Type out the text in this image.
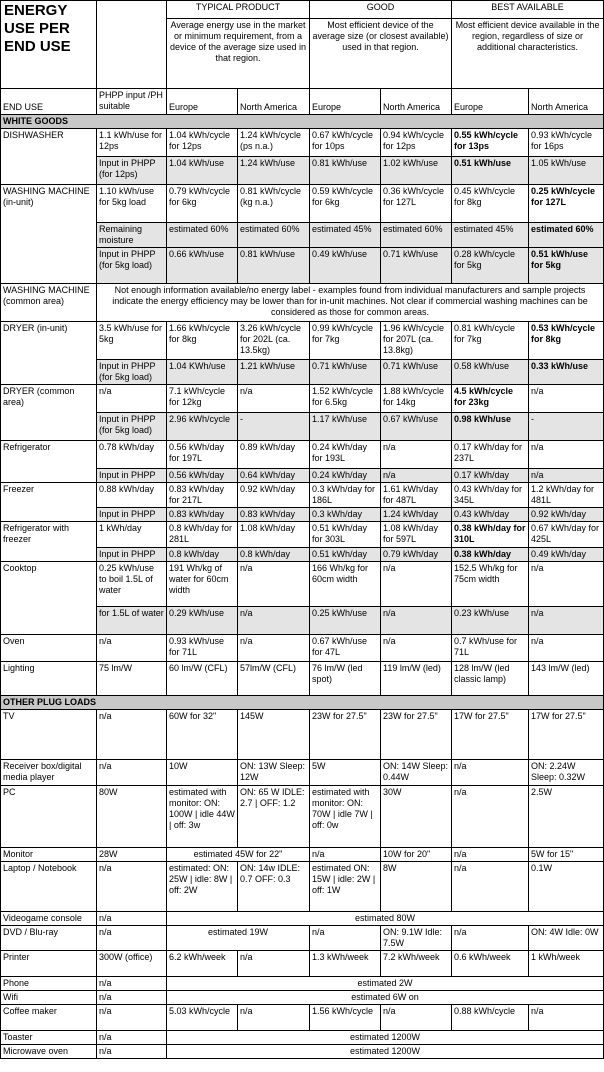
ENERGY USE PER END USE		TYPICAL PRODUCT		GOOD		BEST AVAILABLE	
		Average energy use in the market or minimum requirement, from a device of the average size used in that region.		Most efficient device of the average size (or closest available) used in that region.		Most efficient device available in the region, regardless of size or additional characteristics.	
END USE	PHPP input /PH suitable	Europe	North America	Europe	North America	Europe	North America
WHITE GOODS							
DISHWASHER	1.1 kWh/use for 12ps	1.04 kWh/cycle for 12ps	1.24 kWh/cycle (ps n.a.)	0.67 kWh/cycle for 10ps	0.94 kWh/cycle for 12ps	0.55 kWh/cycle for 13ps	0.93 kWh/cycle for 16ps
	Input in PHPP (for 12ps)	1.04 kWh/use	1.24 kWh/use	0.81 kWh/use	1.02 kWh/use	0.51 kWh/use	1.05 kWh/use
WASHING MACHINE (in-unit)	1.10 kWh/use for 5kg load	0.79 kWh/cycle for 6kg	0.81 kWh/cycle (kg n.a.)	0.59 kWh/cycle for 6kg	0.36 kWh/cycle for 127L	0.45 kWh/cycle for 8kg	0.25 kWh/cycle for 127L
	Remaining moisture	estimated 60%	estimated 60%	estimated 45%	estimated 60%	estimated 45%	estimated 60%
	Input in PHPP (for 5kg load)	0.66 kWh/use	0.81 kWh/use	0.49 kWh/use	0.71 kWh/use	0.28 kWh/cycle for 5kg	0.51 kWh/use for 5kg
WASHING MACHINE (common area)	Not enough information available/no energy label - examples found from individual manufacturers and sample projects indicate the energy efficiency may be lower than for in-unit machines. Not clear if commercial washing machines can be considered as those for common areas.						
DRYER (in-unit)	3.5 kWh/use for 5kg	1.66 kWh/cycle for 8kg	3.26 kWh/cycle for 202L (ca. 13.5kg)	0.99 kWh/cycle for 7kg	1.96 kWh/cycle for 207L (ca. 13.8kg)	0.81 kWh/cycle for 7kg	0.53 kWh/cycle for 8kg
	Input in PHPP (for 5kg load)	1.04 KWh/use	1.21 kWh/use	0.71 kWh/use	0.71 kWh/use	0.58 kWh/use	0.33 kWh/use
DRYER (common area)	n/a	7.1 kWh/cycle for 12kg	n/a	1.52 kWh/cycle for 6.5kg	1.88 kWh/cycle for 14kg	4.5 kWh/cycle for 23kg	n/a
	Input in PHPP (for 5kg load)	2.96 kWh/cycle	-	1.17 kWh/use	0.67 kWh/use	0.98 kWh/use	-
Refrigerator	0.78 kWh/day	0.56 kWh/day for 197L	0.89 kWh/day	0.24 kWh/day for 193L	n/a	0.17 kWh/day for 237L	n/a
	Input in PHPP	0.56 kWh/day	0.64 kWh/day	0.24 kWh/day	n/a	0.17 kWh/day	n/a
Freezer	0.88 kWh/day	0.83 kWh/day for 217L	0.92 kWh/day	0.3 kWh/day for 186L	1.61 kWh/day for 487L	0.43 kWh/day for 345L	1.2 kWh/day for 481L
	Input in PHPP	0.83 kWh/day	0.83 kWh/day	0.3 kWh/day	1.24 kWh/day	0.43 kWh/day	0.92 kWh/day
Refrigerator with freezer	1 kWh/day	0.8 kWh/day for 281L	1.08 kWh/day	0.51 kWh/day for 303L	1.08 kWh/day for 597L	0.38 kWh/day for 310L	0.67 kWh/day for 425L
	Input in PHPP	0.8 kWh/day	0.8 kWh/day	0.51 kWh/day	0.79 kWh/day	0.38 kWh/day	0.49 kWh/day
Cooktop	0.25 kWh/use to boil 1.5L of water	191 Wh/kg of water for 60cm width	n/a	166 Wh/kg for 60cm width	n/a	152.5 Wh/kg for 75cm width	n/a
	for 1.5L of water	0.29 kWh/use	n/a	0.25 kWh/use	n/a	0.23 kWh/use	n/a
Oven	n/a	0.93 kWh/use for 71L	n/a	0.67 kWh/use for 47L	n/a	0.7 kWh/use for 71L	n/a
Lighting	75 lm/W	60 lm/W (CFL)	57lm/W (CFL)	76 lm/W (led spot)	119 lm/W (led)	128 lm/W (led classic lamp)	143 lm/W (led)
OTHER PLUG LOADS							
TV	n/a	60W for 32"	145W	23W for 27.5"	23W for 27.5"	17W for 27.5"	17W for 27.5"
Receiver box/digital media player	n/a	10W	ON: 13W Sleep: 12W	5W	ON: 14W Sleep: 0.44W	n/a	ON: 2.24W Sleep: 0.32W
PC	80W	estimated with monitor: ON: 100W | idle 44W | off: 3w	ON: 65 W IDLE: 2.7 | OFF: 1.2	estimated with monitor: ON: 70W | idle 7W | off: 0w	30W	n/a	2.5W
Monitor	28W	estimated 45W for 22"		n/a	10W for 20"	n/a	5W for 15"
Laptop / Notebook	n/a	estimated: ON: 25W | idle: 8W | off: 2W	ON: 14w IDLE: 0.7 OFF: 0.3	estimated ON: 15W | idle: 2W | off: 1W	8W	n/a	0.1W
Videogame console	n/a	estimated 80W					
DVD / Blu-ray	n/a	estimated 19W		n/a	ON: 9.1W Idle: 7.5W	n/a	ON: 4W Idle: 0W
Printer	300W (office)	6.2 kWh/week	n/a	1.3 kWh/week	7.2 kWh/week	0.6 kWh/week	1 kWh/week
Phone	n/a	estimated 2W					
Wifi	n/a	estimated 6W on					
Coffee maker	n/a	5.03 kWh/cycle	n/a	1.56 kWh/cycle	n/a	0.88 kWh/cycle	n/a
Toaster	n/a	estimated 1200W					
Microwave oven	n/a	estimated 1200W					
